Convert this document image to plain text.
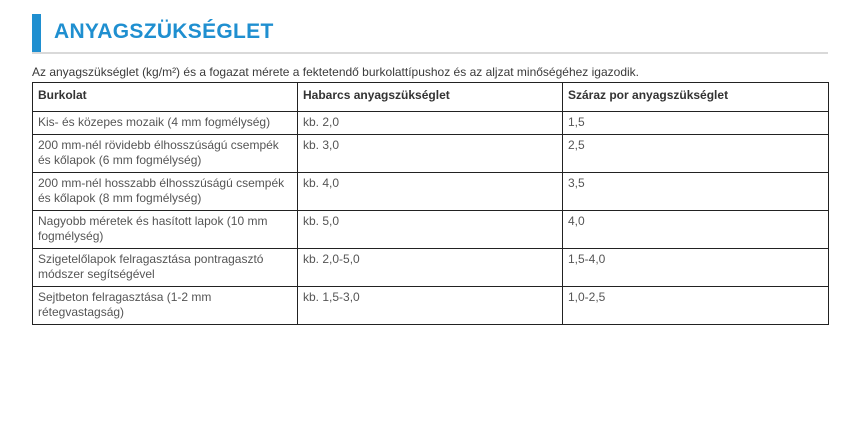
ANYAGSZÜKSÉGLET
Az anyagszükséglet (kg/m²) és a fogazat mérete a fektetendő burkolattípushoz és az aljzat minőségéhez igazodik.
Burkolat	Habarcs anyagszükséglet	Száraz por anyagszükséglet
Kis- és közepes mozaik (4 mm fogmélység)	kb. 2,0	1,5
200 mm-nél rövidebb élhosszúságú csempék és kőlapok (6 mm fogmélység)	kb. 3,0	2,5
200 mm-nél hosszabb élhosszúságú csempék és kőlapok (8 mm fogmélység)	kb. 4,0	3,5
Nagyobb méretek és hasított lapok (10 mm fogmélység)	kb. 5,0	4,0
Szigetelőlapok felragasztása pontragasztó módszer segítségével	kb. 2,0-5,0	1,5-4,0
Sejtbeton felragasztása (1-2 mm rétegvastagság)	kb. 1,5-3,0	1,0-2,5
